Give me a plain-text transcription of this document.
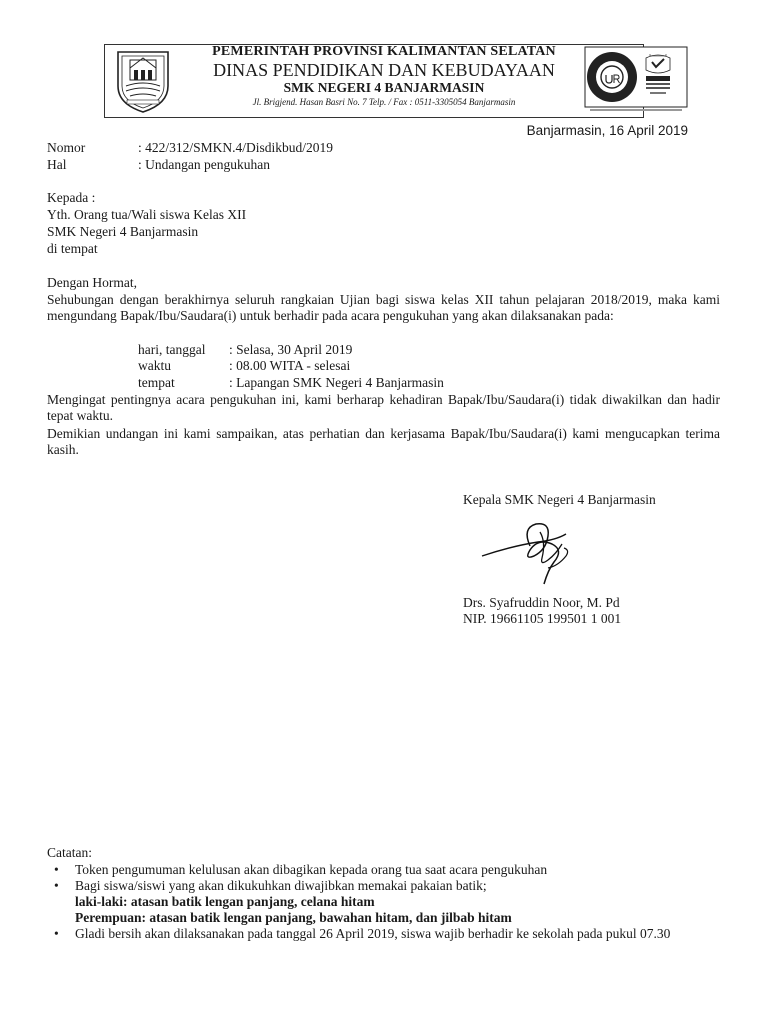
PEMERINTAH PROVINSI KALIMANTAN SELATAN
DINAS PENDIDIKAN DAN KEBUDAYAAN
SMK NEGERI 4 BANJARMASIN
Jl. Brigjend. Hasan Basri No. 7 Telp. / Fax : 0511-3305054 Banjarmasin
Banjarmasin, 16 April 2019
Nomor	: 422/312/SMKN.4/Disdikbud/2019
Hal	: Undangan pengukuhan
Kepada :
Yth. Orang tua/Wali siswa Kelas XII
SMK Negeri 4 Banjarmasin
di tempat
Dengan Hormat,
Sehubungan dengan berakhirnya seluruh rangkaian Ujian bagi siswa kelas XII tahun pelajaran 2018/2019, maka kami mengundang Bapak/Ibu/Saudara(i) untuk berhadir pada acara pengukuhan yang akan dilaksanakan pada:
hari, tanggal : Selasa, 30 April 2019
waktu	: 08.00 WITA - selesai
tempat	: Lapangan SMK Negeri 4 Banjarmasin
Mengingat pentingnya acara pengukuhan ini, kami berharap kehadiran Bapak/Ibu/Saudara(i) tidak diwakilkan dan hadir tepat waktu.
Demikian undangan ini kami sampaikan, atas perhatian dan kerjasama Bapak/Ibu/Saudara(i) kami mengucapkan terima kasih.
Kepala SMK Negeri 4 Banjarmasin
Drs. Syafruddin Noor, M. Pd
NIP. 19661105 199501 1 001
Catatan:
• Token pengumuman kelulusan akan dibagikan kepada orang tua saat acara pengukuhan
• Bagi siswa/siswi yang akan dikukuhkan diwajibkan memakai pakaian batik;
laki-laki: atasan batik lengan panjang, celana hitam
Perempuan: atasan batik lengan panjang, bawahan hitam, dan jilbab hitam
• Gladi bersih akan dilaksanakan pada tanggal 26 April 2019, siswa wajib berhadir ke sekolah pada pukul 07.30
